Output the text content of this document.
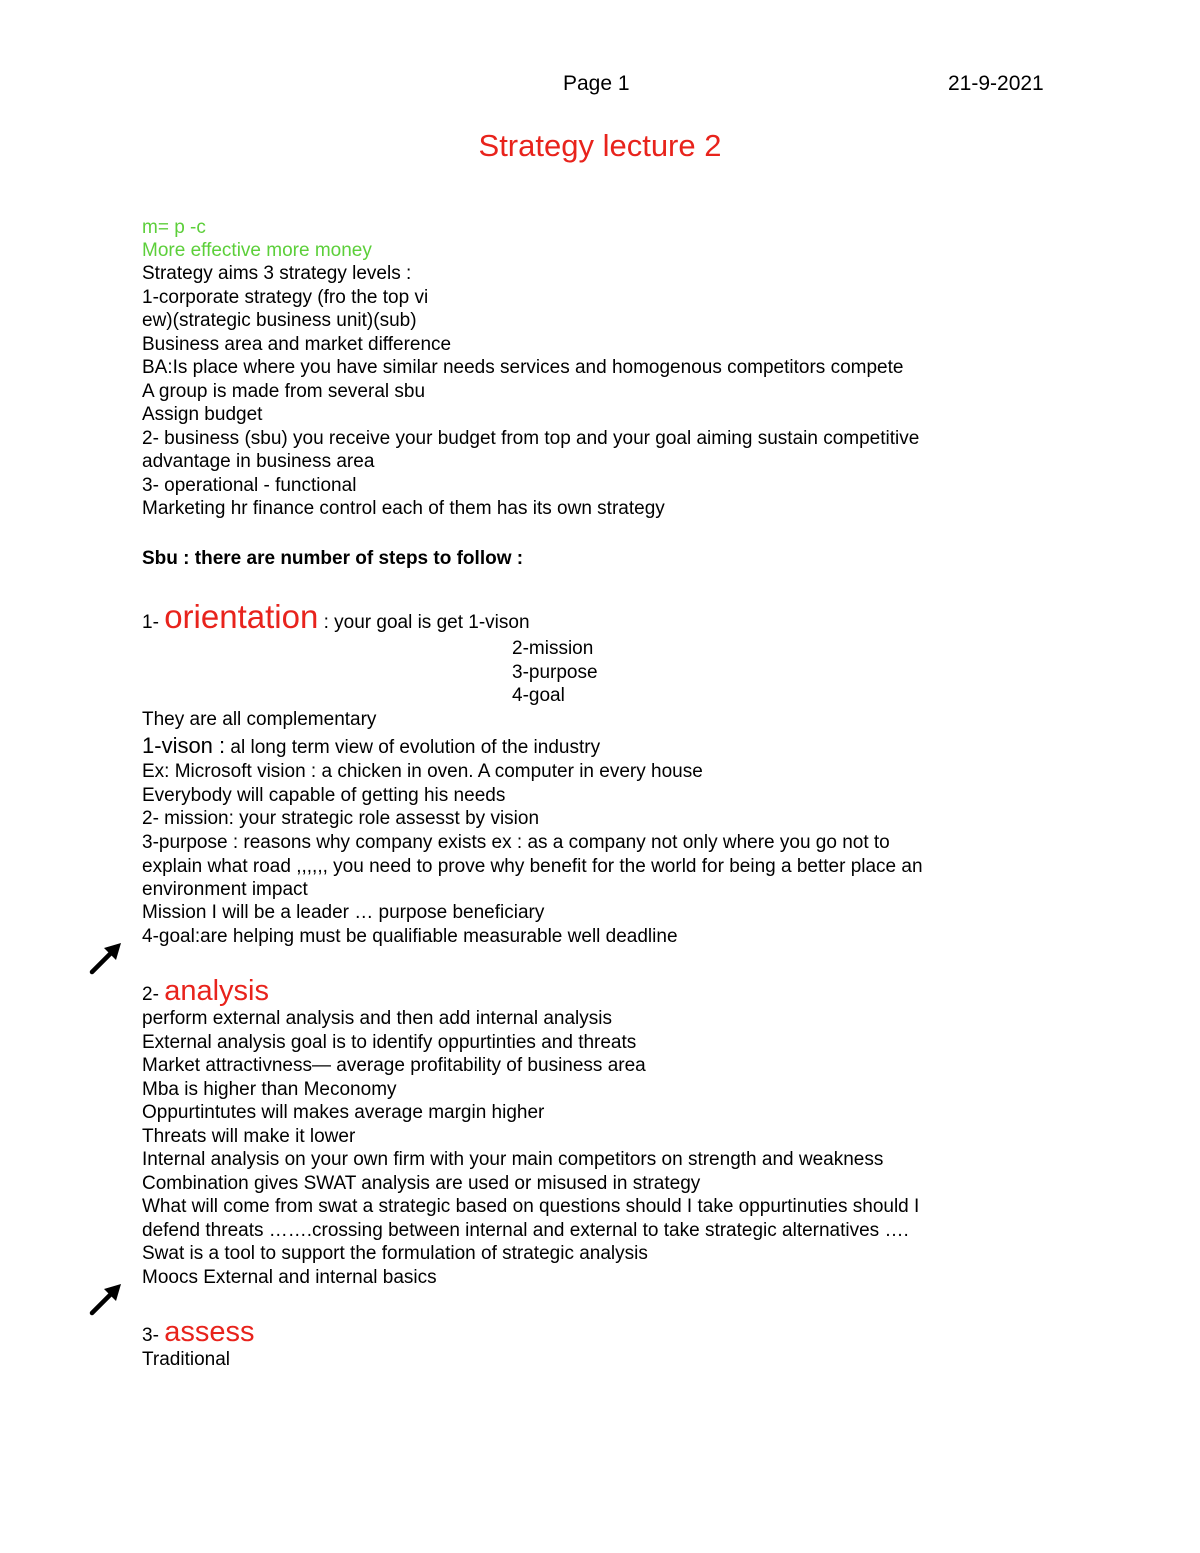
Page 1	21-9-2021
Strategy lecture 2
m= p -c
More effective more money
Strategy aims 3 strategy levels :
1-corporate strategy (fro the top vi
ew)(strategic business unit)(sub)
Business area and market difference
BA:Is place where you have similar needs services and homogenous competitors compete
A group is made from several sbu
Assign budget
2- business (sbu) you receive your budget from top and your goal aiming sustain competitive
advantage in business area
3- operational - functional
Marketing hr finance control each of them has its own strategy
Sbu : there are number of steps to follow :
1- orientation : your goal is get 1-vison
2-mission
3-purpose
4-goal
They are all complementary
1-vison : al long term view of evolution of the industry
Ex: Microsoft vision : a chicken in oven. A computer in every house
Everybody will capable of getting his needs
2- mission: your strategic role assesst by vision
3-purpose : reasons why company exists ex : as a company not only where you go not to
explain what road ,,,,,, you need to prove why benefit for the world for being a better place an
environment impact
Mission I will be a leader … purpose beneficiary
4-goal:are helping must be qualifiable measurable well deadline
2- analysis
perform external analysis and then add internal analysis
External analysis goal is to identify oppurtinties and threats
Market attractivness— average profitability of business area
Mba is higher than Meconomy
Oppurtintutes will makes average margin higher
Threats will make it lower
Internal analysis on your own firm with your main competitors on strength and weakness
Combination gives SWAT analysis are used or misused in strategy
What will come from swat a strategic based on questions should I take oppurtinuties should I
defend threats …….crossing between internal and external to take strategic alternatives ….
Swat is a tool to support the formulation of strategic analysis
Moocs External and internal basics
3- assess
Traditional
